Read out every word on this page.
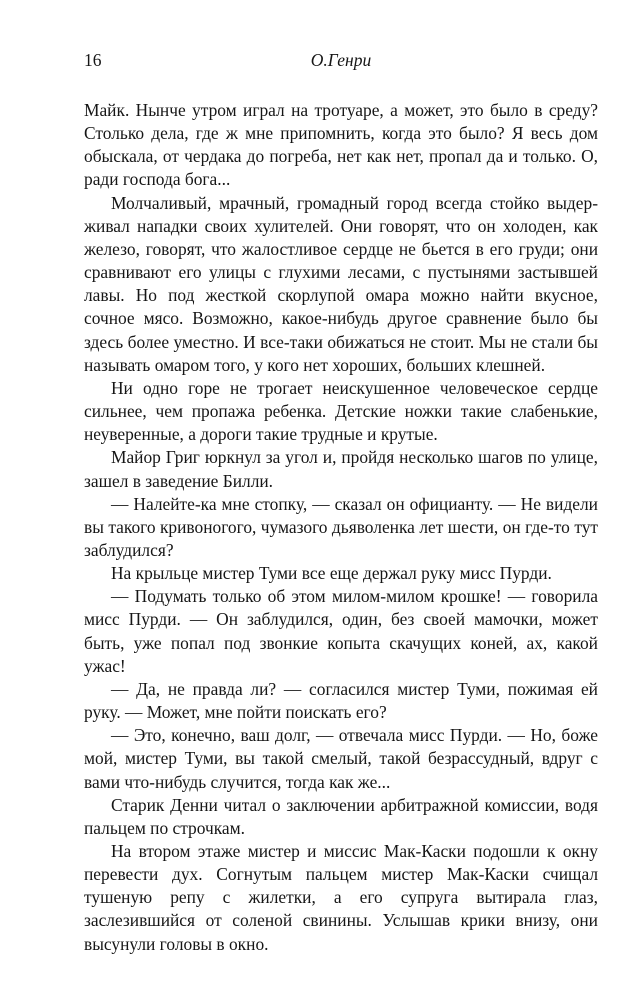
16	О.Генри

Майк. Нынче утром играл на тротуаре, а может, это было в среду? Столько дела, где ж мне припомнить, когда это было? Я весь дом обыскала, от чердака до погреба, нет как нет, пропал да и только. О, ради господа бога...

Молчаливый, мрачный, громадный город всегда стойко выдерживал нападки своих хулителей. Они говорят, что он холоден, как железо, говорят, что жалостливое сердце не бьется в его груди; они сравнивают его улицы с глухими лесами, с пустынями застывшей лавы. Но под жесткой скорлупой омара можно найти вкусное, сочное мясо. Возможно, какое-нибудь другое сравнение было бы здесь более уместно. И все-таки обижаться не стоит. Мы не стали бы называть омаром того, у кого нет хороших, больших клешней.

Ни одно горе не трогает неискушенное человеческое сердце сильнее, чем пропажа ребенка. Детские ножки такие слабенькие, неуверенные, а дороги такие трудные и крутые.

Майор Григ юркнул за угол и, пройдя несколько шагов по улице, зашел в заведение Билли.

— Налейте-ка мне стопку, — сказал он официанту. — Не видели вы такого кривоногого, чумазого дьяволенка лет шести, он где-то тут заблудился?

На крыльце мистер Туми все еще держал руку мисс Пурди.

— Подумать только об этом милом-милом крошке! — говорила мисс Пурди. — Он заблудился, один, без своей мамочки, может быть, уже попал под звонкие копыта скачущих коней, ах, какой ужас!

— Да, не правда ли? — согласился мистер Туми, пожимая ей руку. — Может, мне пойти поискать его?

— Это, конечно, ваш долг, — отвечала мисс Пурди. — Но, боже мой, мистер Туми, вы такой смелый, такой безрассудный, вдруг с вами что-нибудь случится, тогда как же...

Старик Денни читал о заключении арбитражной комиссии, водя пальцем по строчкам.

На втором этаже мистер и миссис Мак-Каски подошли к окну перевести дух. Согнутым пальцем мистер Мак-Каски счищал тушеную репу с жилетки, а его супруга вытирала глаз, заслезившийся от соленой свинины. Услышав крики внизу, они высунули головы в окно.
